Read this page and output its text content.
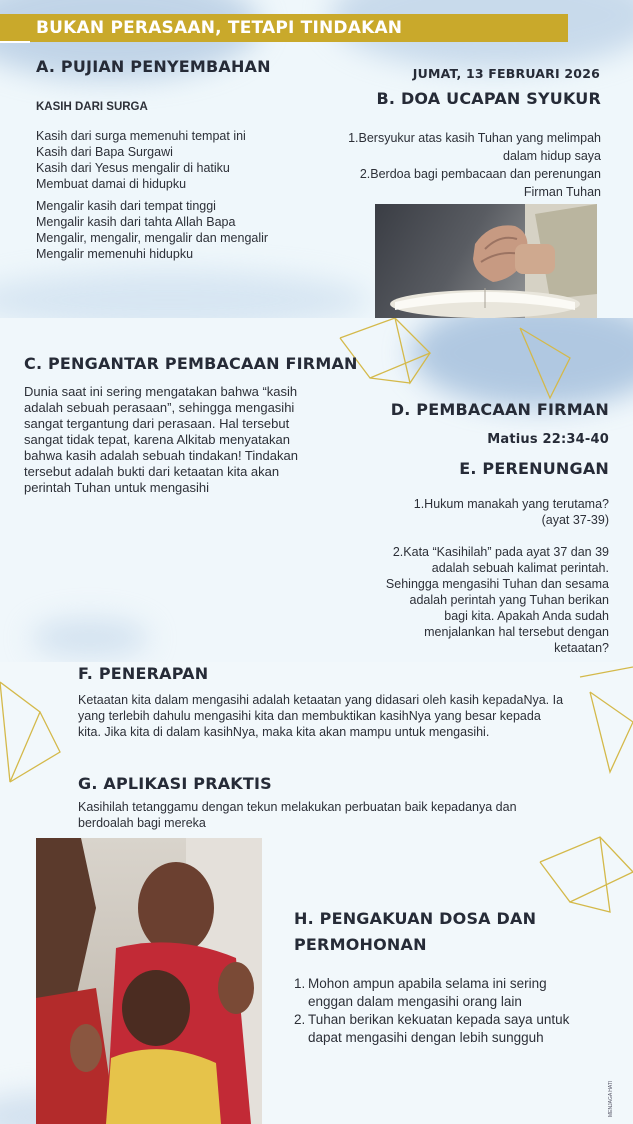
BUKAN PERASAAN, TETAPI TINDAKAN
A. PUJIAN PENYEMBAHAN	JUMAT, 13 FEBRUARI 2026
B. DOA UCAPAN SYUKUR
KASIH DARI SURGA
Kasih dari surga memenuhi tempat ini
Kasih dari Bapa Surgawi
Kasih dari Yesus mengalir di hatiku
Membuat damai di hidupku
Mengalir kasih dari tempat tinggi
Mengalir kasih dari tahta Allah Bapa
Mengalir, mengalir, mengalir dan mengalir
Mengalir memenuhi hidupku
1.Bersyukur atas kasih Tuhan yang melimpah
dalam hidup saya
2.Berdoa bagi pembacaan dan perenungan
Firman Tuhan
C. PENGANTAR PEMBACAAN FIRMAN
Dunia saat ini sering mengatakan bahwa “kasih
adalah sebuah perasaan”, sehingga mengasihi
sangat tergantung dari perasaan. Hal tersebut
sangat tidak tepat, karena Alkitab menyatakan
bahwa kasih adalah sebuah tindakan! Tindakan
tersebut adalah bukti dari ketaatan kita akan
perintah Tuhan untuk mengasihi
D. PEMBACAAN FIRMAN
Matius 22:34-40
E. PERENUNGAN
1.Hukum manakah yang terutama?
(ayat 37-39)
2.Kata “Kasihilah” pada ayat 37 dan 39
adalah sebuah kalimat perintah.
Sehingga mengasihi Tuhan dan sesama
adalah perintah yang Tuhan berikan
bagi kita. Apakah Anda sudah
menjalankan hal tersebut dengan
ketaatan?
F. PENERAPAN
Ketaatan kita dalam mengasihi adalah ketaatan yang didasari oleh kasih kepadaNya. Ia
yang terlebih dahulu mengasihi kita dan membuktikan kasihNya yang besar kepada
kita. Jika kita di dalam kasihNya, maka kita akan mampu untuk mengasihi.
G. APLIKASI PRAKTIS
Kasihilah tetanggamu dengan tekun melakukan perbuatan baik kepadanya dan
berdoalah bagi mereka
H. PENGAKUAN DOSA DAN
PERMOHONAN
1. Mohon ampun apabila selama ini sering
enggan dalam mengasihi orang lain
2. Tuhan berikan kekuatan kepada saya untuk
dapat mengasihi dengan lebih sungguh
MENJAGA HATI
